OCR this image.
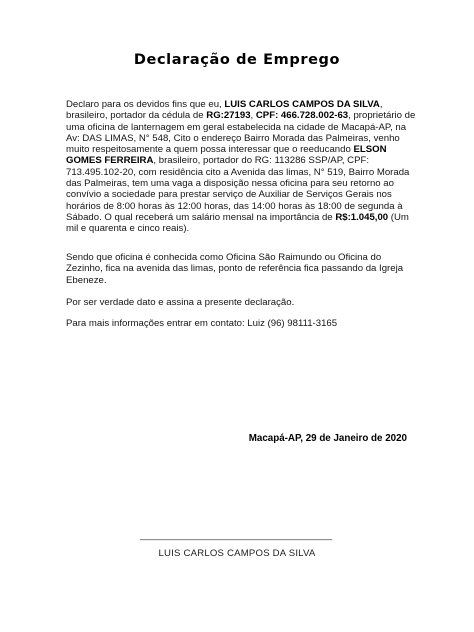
Declaração de Emprego
Declaro para os devidos fins que eu, LUIS CARLOS CAMPOS DA SILVA, brasileiro, portador da cédula de RG:27193, CPF: 466.728.002-63, proprietário de uma oficina de lanternagem em geral estabelecida na cidade de Macapá-AP, na Av: DAS LIMAS, N° 548, Cito o endereço Bairro Morada das Palmeiras, venho muito respeitosamente a quem possa interessar que o reeducando ELSON GOMES FERREIRA, brasileiro, portador do RG: 113286 SSP/AP, CPF: 713.495.102-20, com residência cito a Avenida das limas, N° 519, Bairro Morada das Palmeiras, tem uma vaga a disposição nessa oficina para seu retorno ao convívio a sociedade para prestar serviço de Auxiliar de Serviços Gerais nos horários de 8:00 horas às 12:00 horas, das 14:00 horas às 18:00 de segunda à Sábado. O qual receberá um salário mensal na importância de R$:1.045,00 (Um mil e quarenta e cinco reais).
Sendo que oficina é conhecida como Oficina São Raimundo ou Oficina do Zezinho, fica na avenida das limas, ponto de referência fica passando da Igreja Ebeneze.
Por ser verdade dato e assina a presente declaração.
Para mais informações entrar em contato: Luiz (96) 98111-3165
Macapá-AP, 29 de Janeiro de 2020
____________________________________
LUIS CARLOS CAMPOS DA SILVA
